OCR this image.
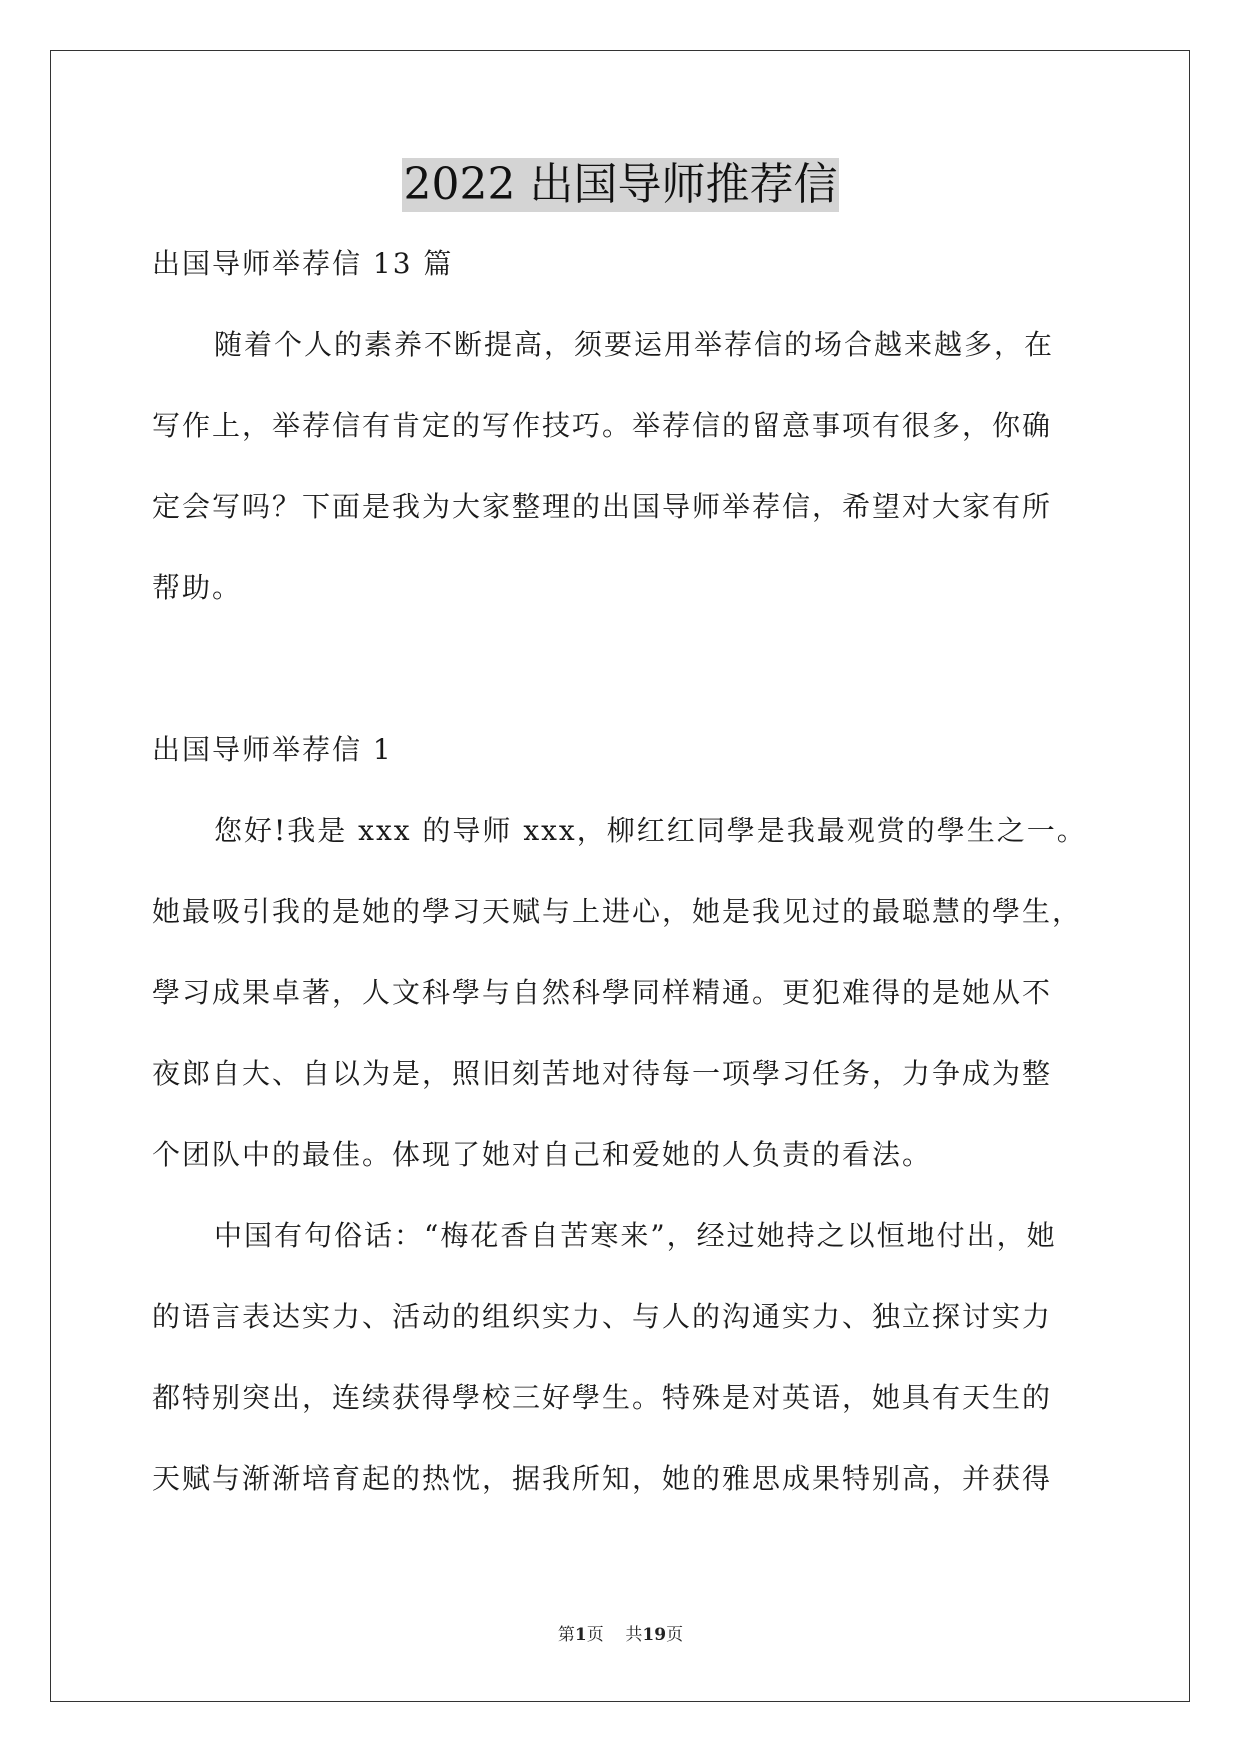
2022 出国导师推荐信
出国导师举荐信 13 篇
随着个人的素养不断提高，须要运用举荐信的场合越来越多，在
写作上，举荐信有肯定的写作技巧。举荐信的留意事项有很多，你确
定会写吗？下面是我为大家整理的出国导师举荐信，希望对大家有所
帮助。
出国导师举荐信 1
您好!我是 xxx 的导师 xxx，柳红红同學是我最观赏的學生之一。
她最吸引我的是她的學习天赋与上进心，她是我见过的最聪慧的學生，
學习成果卓著，人文科學与自然科學同样精通。更犯难得的是她从不
夜郎自大、自以为是，照旧刻苦地对待每一项學习任务，力争成为整
个团队中的最佳。体现了她对自己和爱她的人负责的看法。
中国有句俗话：“梅花香自苦寒来”，经过她持之以恒地付出，她
的语言表达实力、活动的组织实力、与人的沟通实力、独立探讨实力
都特别突出，连续获得學校三好學生。特殊是对英语，她具有天生的
天赋与渐渐培育起的热忱，据我所知，她的雅思成果特别高，并获得
第1页 共19页
